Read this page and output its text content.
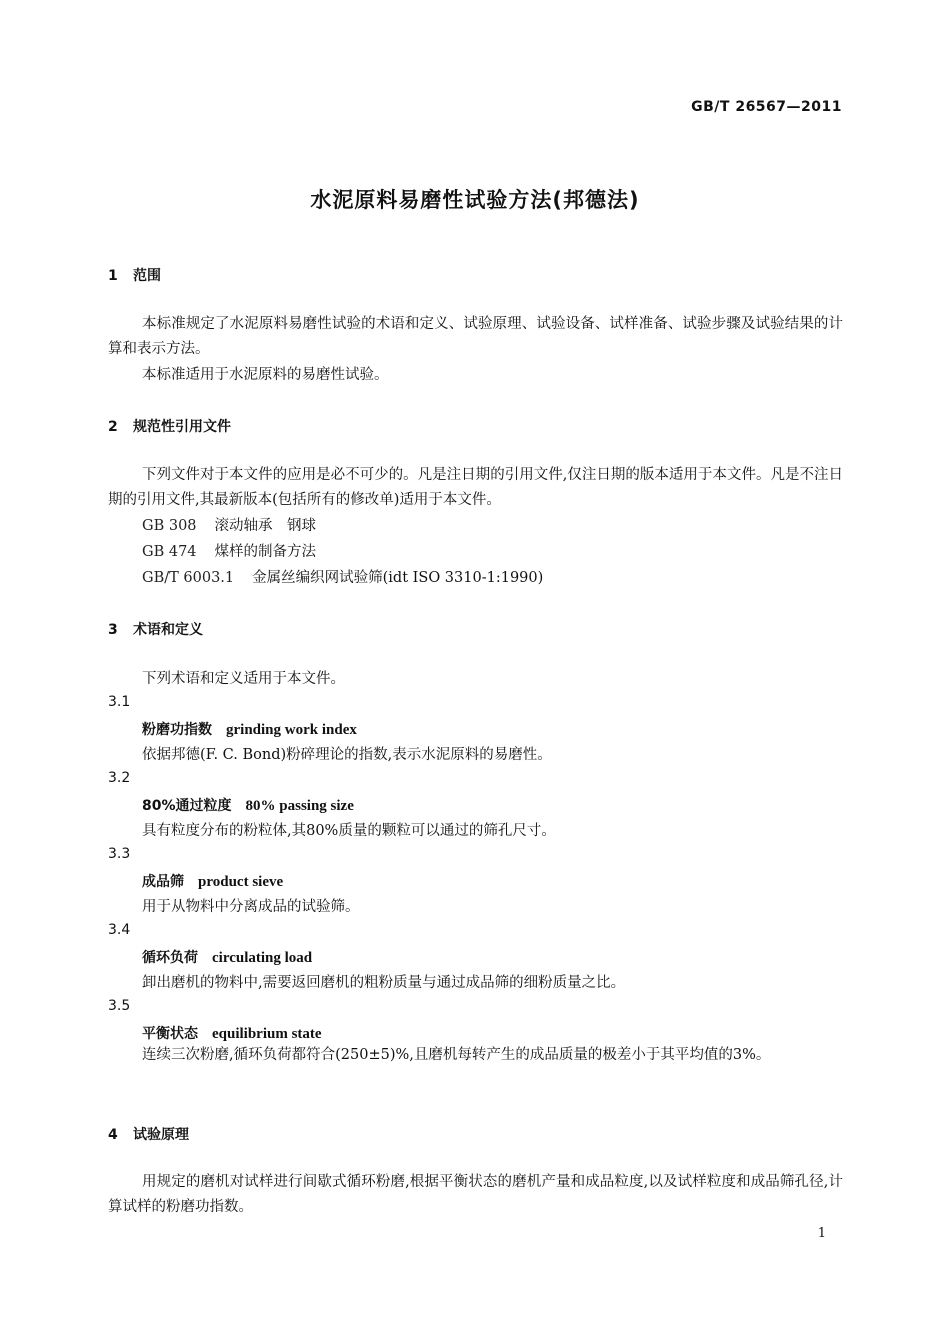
GB/T 26567—2011
水泥原料易磨性试验方法(邦德法)
1 范围
本标准规定了水泥原料易磨性试验的术语和定义、试验原理、试验设备、试样准备、试验步骤及试验结果的计算和表示方法。
本标准适用于水泥原料的易磨性试验。
2 规范性引用文件
下列文件对于本文件的应用是必不可少的。凡是注日期的引用文件,仅注日期的版本适用于本文件。凡是不注日期的引用文件,其最新版本(包括所有的修改单)适用于本文件。
GB 308 滚动轴承　钢球
GB 474 煤样的制备方法
GB/T 6003.1 金属丝编织网试验筛(idt ISO 3310-1:1990)
3 术语和定义
下列术语和定义适用于本文件。
3.1
粉磨功指数 grinding work index
依据邦德(F. C. Bond)粉碎理论的指数,表示水泥原料的易磨性。
3.2
80%通过粒度 80% passing size
具有粒度分布的粉粒体,其80%质量的颗粒可以通过的筛孔尺寸。
3.3
成品筛 product sieve
用于从物料中分离成品的试验筛。
3.4
循环负荷 circulating load
卸出磨机的物料中,需要返回磨机的粗粉质量与通过成品筛的细粉质量之比。
3.5
平衡状态 equilibrium state
连续三次粉磨,循环负荷都符合(250±5)%,且磨机每转产生的成品质量的极差小于其平均值的3%。
4 试验原理
用规定的磨机对试样进行间歇式循环粉磨,根据平衡状态的磨机产量和成品粒度,以及试样粒度和成品筛孔径,计算试样的粉磨功指数。
1
